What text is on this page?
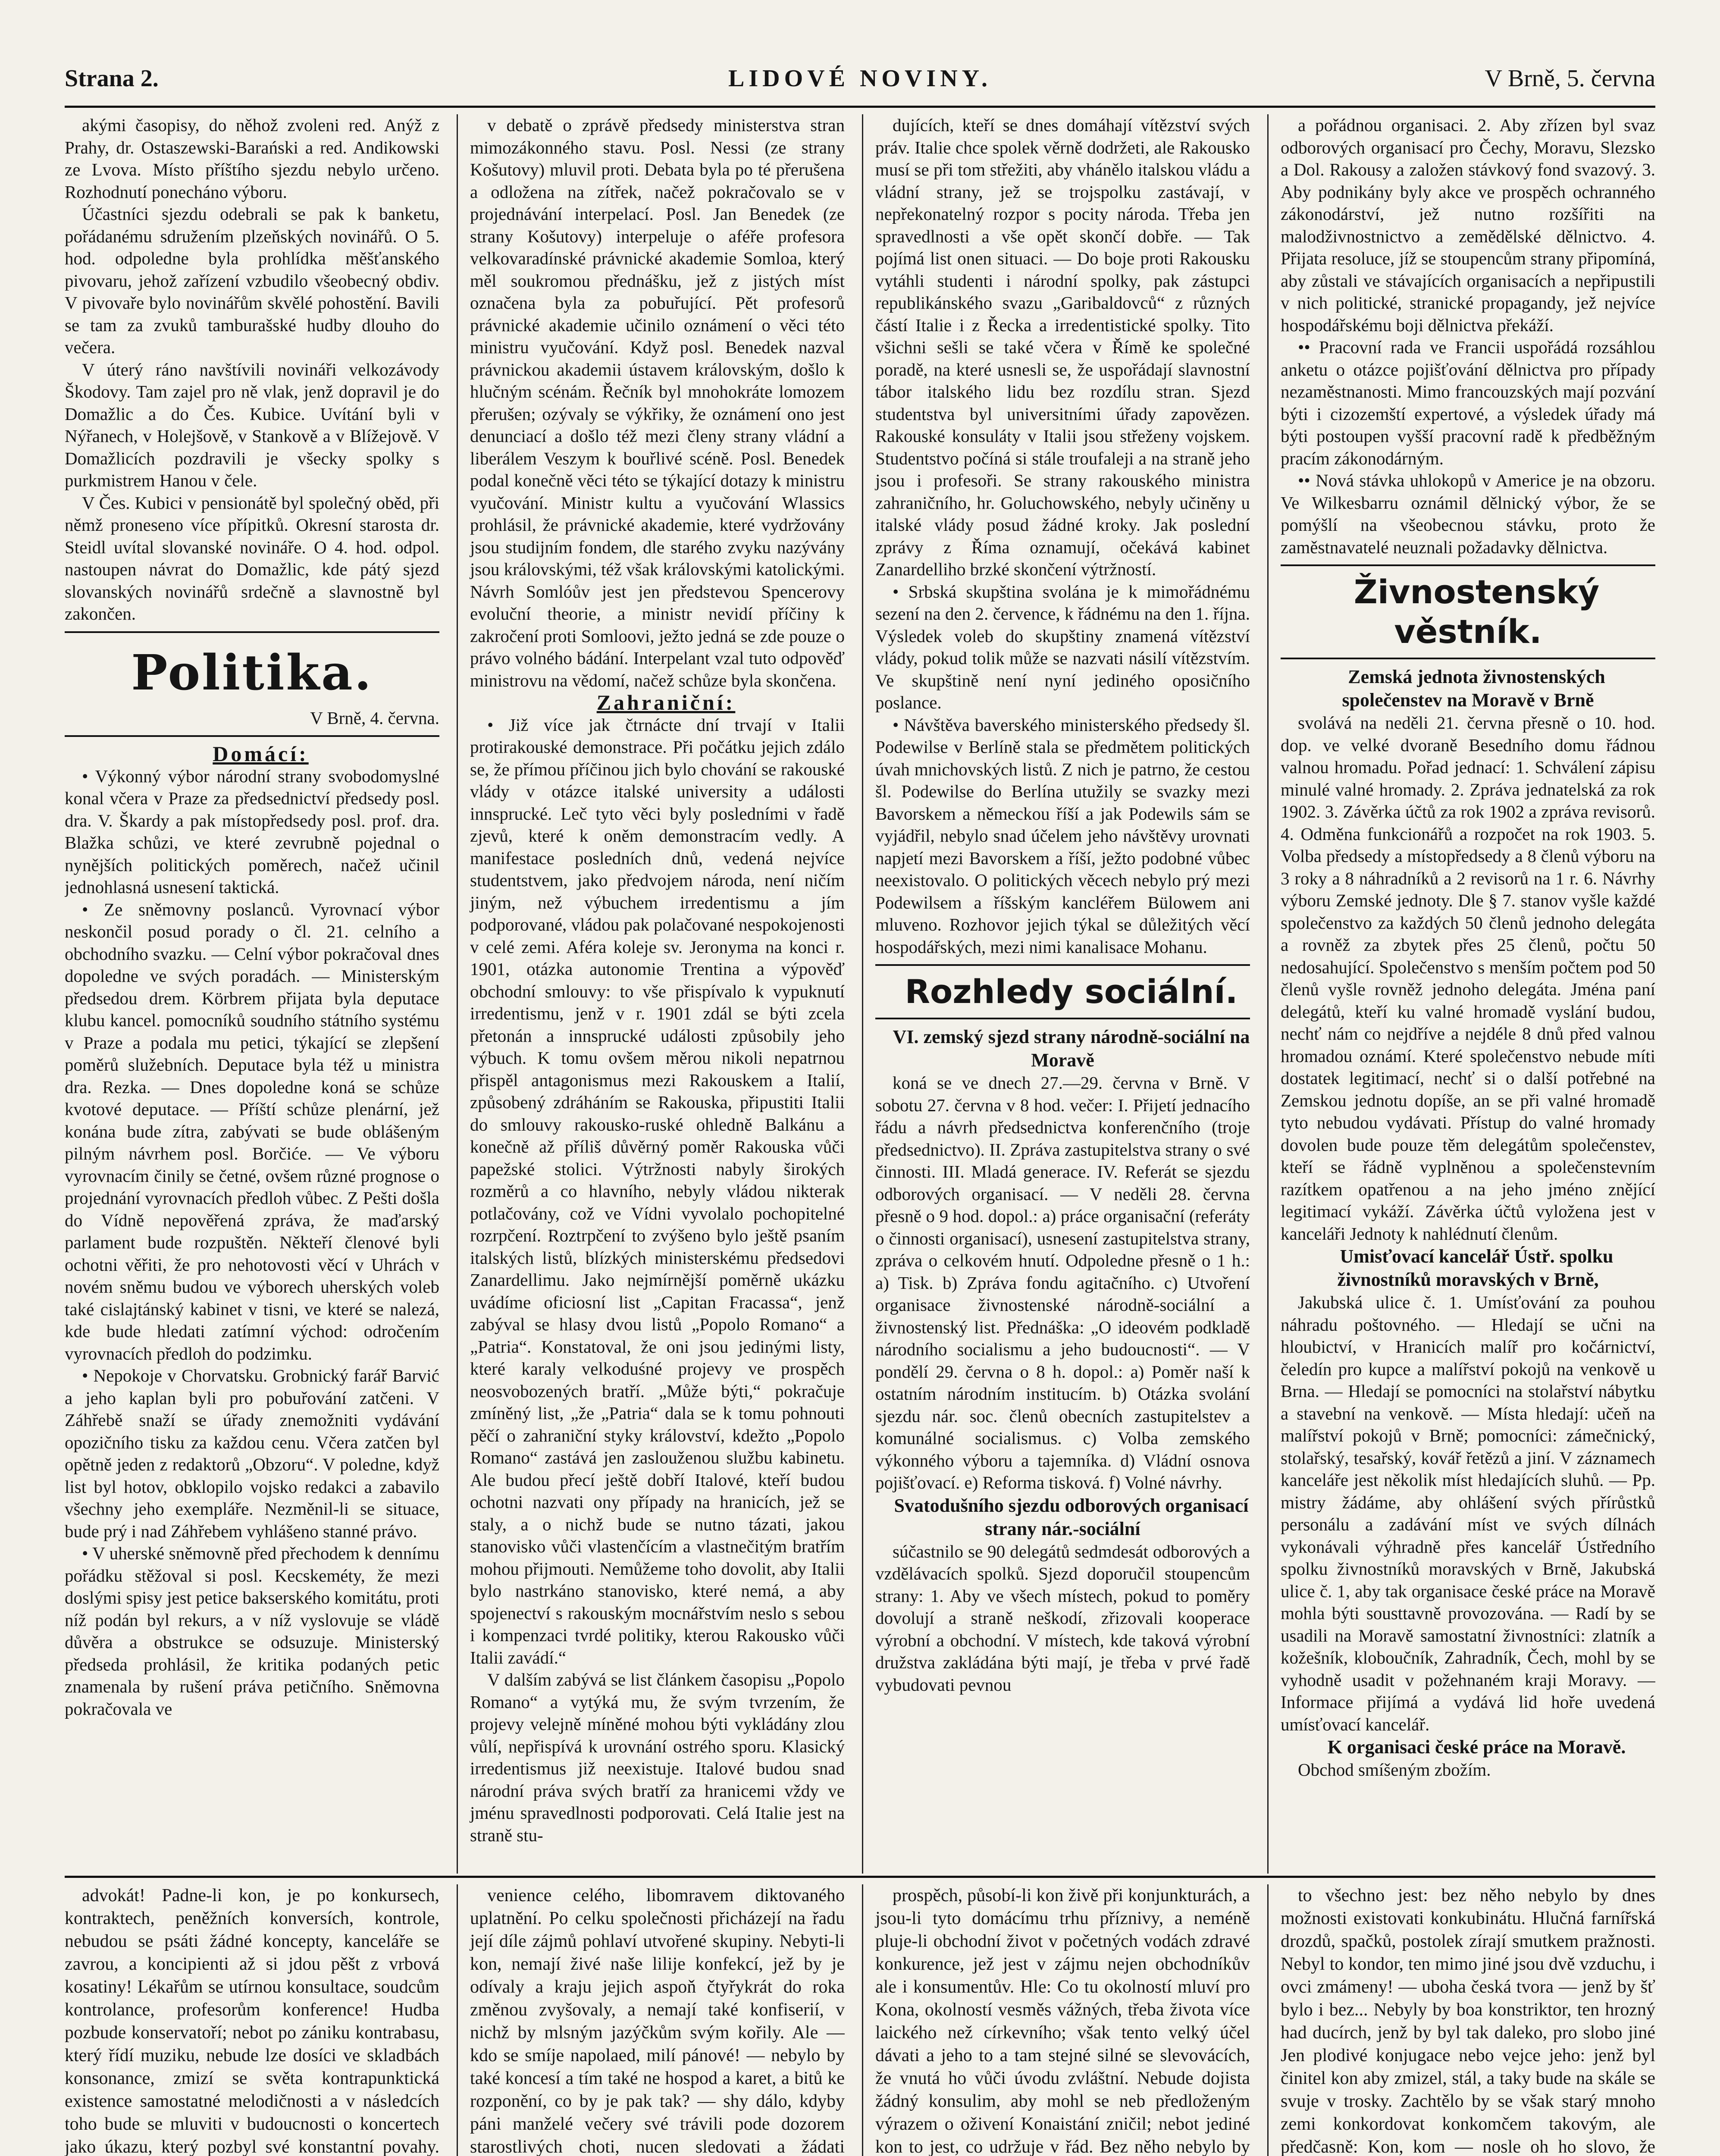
Strana 2.	LIDOVÉ NOVINY.	V Brně, 5. června

akými časopisy, do něhož zvoleni red. Anýž z Prahy, dr. Ostaszewski-Barański a red. Andikowski ze Lvova. Místo příštího sjezdu nebylo určeno. Rozhodnutí ponecháno výboru.

Účastníci sjezdu odebrali se pak k banketu, pořádanému sdružením plzeňských novinářů. O 5. hod. odpoledne byla prohlídka měšťanského pivovaru, jehož zařízení vzbudilo všeobecný obdiv. V pivovaře bylo novinářům skvělé pohostění. Bavili se tam za zvuků tamburašské hudby dlouho do večera.

V úterý ráno navštívili novináři velkozávody Škodovy. Tam zajel pro ně vlak, jenž dopravil je do Domažlic a do Čes. Kubice. Uvítání byli v Nýřanech, v Holejšově, v Stankově a v Blížejově. V Domažlicích pozdravili je všecky spolky s purkmistrem Hanou v čele.

V Čes. Kubici v pensionátě byl společný oběd, při němž proneseno více přípitků. Okresní starosta dr. Steidl uvítal slovanské novináře. O 4. hod. odpol. nastoupen návrat do Domažlic, kde pátý sjezd slovanských novinářů srdečně a slavnostně byl zakončen.

Politika.

V Brně, 4. června.

Domácí:

• Výkonný výbor národní strany svobodomyslné konal včera v Praze za předsednictví předsedy posl. dra. V. Škardy a pak místopředsedy posl. prof. dra. Blažka schůzi, ve které zevrubně pojednal o nynějších politických poměrech, načež učinil jednohlasná usnesení taktická.

• Ze sněmovny poslanců. Vyrovnací výbor neskončil posud porady o čl. 21. celního a obchodního svazku. — Celní výbor pokračoval dnes dopoledne ve svých poradách. — Ministerským předsedou drem. Körbrem přijata byla deputace klubu kancel. pomocníků soudního státního systému v Praze a podala mu petici, týkající se zlepšení poměrů služebních. Deputace byla též u ministra dra. Rezka. — Dnes dopoledne koná se schůze kvotové deputace. — Příští schůze plenární, jež konána bude zítra, zabývati se bude oblášeným pilným návrhem posl. Borčiće. — Ve výboru vyrovnacím činily se četné, ovšem různé prognose o projednání vyrovnacích předloh vůbec. Z Pešti došla do Vídně nepověřená zpráva, že maďarský parlament bude rozpuštěn. Někteří členové byli ochotni věřiti, že pro nehotovosti věcí v Uhrách v novém sněmu budou ve výborech uherských voleb také cislajtánský kabinet v tisni, ve které se nalezá, kde bude hledati zatímní východ: odročením vyrovnacích předloh do podzimku.

• Nepokoje v Chorvatsku. Grobnický farář Barvić a jeho kaplan byli pro pobuřování zatčeni. V Záhřebě snaží se úřady znemožniti vydávání opozičního tisku za každou cenu. Včera zatčen byl opětně jeden z redaktorů „Obzoru“. V poledne, když list byl hotov, obklopilo vojsko redakci a zabavilo všechny jeho exempláře. Nezměnil-li se situace, bude prý i nad Záhřebem vyhlášeno stanné právo.

• V uherské sněmovně před přechodem k dennímu pořádku stěžoval si posl. Kecskeméty, že mezi doslými spisy jest petice bakserského komitátu, proti níž podán byl rekurs, a v níž vyslovuje se vládě důvěra a obstrukce se odsuzuje. Ministerský předseda prohlásil, že kritika podaných petic znamenala by rušení práva petičního. Sněmovna pokračovala ve

v debatě o zprávě předsedy ministerstva stran mimozákonného stavu. Posl. Nessi (ze strany Košutovy) mluvil proti. Debata byla po té přerušena a odložena na zítřek, načež pokračovalo se v projednávání interpelací. Posl. Jan Benedek (ze strany Košutovy) interpeluje o aféře profesora velkovaradínské právnické akademie Somloa, který měl soukromou přednášku, jež z jistých míst označena byla za pobuřující. Pět profesorů právnické akademie učinilo oznámení o věci této ministru vyučování. Když posl. Benedek nazval právnickou akademii ústavem královským, došlo k hlučným scénám. Řečník byl mnohokráte lomozem přerušen; ozývaly se výkřiky, že oznámení ono jest denunciací a došlo též mezi členy strany vládní a liberálem Veszym k bouřlivé scéně. Posl. Benedek podal konečně věci této se týkající dotazy k ministru vyučování. Ministr kultu a vyučování Wlassics prohlásil, že právnické akademie, které vydržovány jsou studijním fondem, dle starého zvyku nazývány jsou královskými, též však královskými katolickými. Návrh Somlóův jest jen předstevou Spencerovy evoluční theorie, a ministr nevidí příčiny k zakročení proti Somloovi, ježto jedná se zde pouze o právo volného bádání. Interpelant vzal tuto odpověď ministrovu na vědomí, načež schůze byla skončena.

Zahraniční:

• Již více jak čtrnácte dní trvají v Italii protirakouské demonstrace. Při počátku jejich zdálo se, že přímou příčinou jich bylo chování se rakouské vlády v otázce italské university a události innsprucké. Leč tyto věci byly posledními v řadě zjevů, které k oněm demonstracím vedly. A manifestace posledních dnů, vedená nejvíce studentstvem, jako předvojem národa, není ničím jiným, než výbuchem irredentismu a jím podporované, vládou pak polačované nespokojenosti v celé zemi. Aféra koleje sv. Jeronyma na konci r. 1901, otázka autonomie Trentina a výpověď obchodní smlouvy: to vše přispívalo k vypuknutí irredentismu, jenž v r. 1901 zdál se býti zcela přetonán a innsprucké události způsobily jeho výbuch. K tomu ovšem měrou nikoli nepatrnou přispěl antagonismus mezi Rakouskem a Italií, způsobený zdráháním se Rakouska, připustiti Italii do smlouvy rakousko-ruské ohledně Balkánu a konečně až příliš důvěrný poměr Rakouska vůči papežské stolici. Výtržnosti nabyly širokých rozměrů a co hlavního, nebyly vládou nikterak potlačovány, což ve Vídni vyvolalo pochopitelné rozrpčení. Roztrpčení to zvýšeno bylo ještě psaním italských listů, blízkých ministerskému předsedovi Zanardellimu. Jako nejmírnější poměrně ukázku uvádíme oficiosní list „Capitan Fracassa“, jenž zabýval se hlasy dvou listů „Popolo Romano“ a „Patria“. Konstatoval, že oni jsou jedinými listy, které karaly velkoduśné projevy ve prospěch neosvobozených bratří. „Může býti,“ pokračuje zmíněný list, „že „Patria“ dala se k tomu pohnouti pěčí o zahraniční styky království, kdežto „Popolo Romano“ zastává jen zaslouženou službu kabinetu. Ale budou přecí ještě dobří Italové, kteří budou ochotni nazvati ony případy na hranicích, jež se staly, a o nichž bude se nutno tázati, jakou stanovisko vůči vlastenčícím a vlastnečitým bratřím mohou přijmouti. Nemůžeme toho dovolit, aby Italii bylo nastrkáno stanovisko, které nemá, a aby spojenectví s rakouským mocnářstvím neslo s sebou i kompenzaci tvrdé politiky, kterou Rakousko vůči Italii zavádí.“

V dalším zabývá se list článkem časopisu „Popolo Romano“ a vytýká mu, že svým tvrzením, že projevy velejně míněné mohou býti vykládány zlou vůlí, nepřispívá k urovnání ostrého sporu. Klasický irredentismus již neexistuje. Italové budou snad národní práva svých bratří za hranicemi vždy ve jménu spravedlnosti podporovati. Celá Italie jest na straně stu-

dujících, kteří se dnes domáhají vítězství svých práv. Italie chce spolek věrně dodržeti, ale Rakousko musí se při tom střežiti, aby vhánělo italskou vládu a vládní strany, jež se trojspolku zastávají, v nepřekonatelný rozpor s pocity národa. Třeba jen spravedlnosti a vše opět skončí dobře. — Tak pojímá list onen situaci. — Do boje proti Rakousku vytáhli studenti i národní spolky, pak zástupci republikánského svazu „Garibaldovců“ z různých částí Italie i z Řecka a irredentistické spolky. Tito všichni sešli se také včera v Římě ke společné poradě, na které usnesli se, že uspořádají slavnostní tábor italského lidu bez rozdílu stran. Sjezd studentstva byl universitními úřady zapovězen. Rakouské konsuláty v Italii jsou střeženy vojskem. Studentstvo počíná si stále troufaleji a na straně jeho jsou i profesoři. Se strany rakouského ministra zahraničního, hr. Goluchowského, nebyly učiněny u italské vlády posud žádné kroky. Jak poslední zprávy z Říma oznamují, očekává kabinet Zanardelliho brzké skončení výtržností.

• Srbská skupština svolána je k mimořádnému sezení na den 2. července, k řádnému na den 1. října. Výsledek voleb do skupštiny znamená vítězství vlády, pokud tolik může se nazvati násilí vítězstvím. Ve skupštině není nyní jediného oposičního poslance.

• Návštěva baverského ministerského předsedy šl. Podewilse v Berlíně stala se předmětem politických úvah mnichovských listů. Z nich je patrno, že cestou šl. Podewilse do Berlína utužily se svazky mezi Bavorskem a německou říší a jak Podewils sám se vyjádřil, nebylo snad účelem jeho návštěvy urovnati napjetí mezi Bavorskem a říší, ježto podobné vůbec neexistovalo. O politických věcech nebylo prý mezi Podewilsem a říšským kancléřem Bülowem ani mluveno. Rozhovor jejich týkal se důležitých věcí hospodářských, mezi nimi kanalisace Mohanu.

Rozhledy sociální.

VI. zemský sjezd strany národně-sociální na Moravě

koná se ve dnech 27.—29. června v Brně. V sobotu 27. června v 8 hod. večer: I. Přijetí jednacího řádu a návrh předsednictva konferenčního (troje předsednictvo). II. Zpráva zastupitelstva strany o své činnosti. III. Mladá generace. IV. Referát se sjezdu odborových organisací. — V neděli 28. června přesně o 9 hod. dopol.: a) práce organisační (referáty o činnosti organisací), usnesení zastupitelstva strany, zpráva o celkovém hnutí. Odpoledne přesně o 1 h.: a) Tisk. b) Zpráva fondu agitačního. c) Utvoření organisace živnostenské národně-sociální a živnostenský list. Přednáška: „O ideovém podkladě národního socialismu a jeho budoucnosti“. — V pondělí 29. června o 8 h. dopol.: a) Poměr naší k ostatním národním institucím. b) Otázka svolání sjezdu nár. soc. členů obecních zastupitelstev a komunálné socialismus. c) Volba zemského výkonného výboru a tajemníka. d) Vládní osnova pojišťovací. e) Reforma tisková. f) Volné návrhy.

Svatodušního sjezdu odborových organisací strany nár.-sociální

súčastnilo se 90 delegátů sedmdesát odborových a vzdělávacích spolků. Sjezd doporučil stoupencům strany: 1. Aby ve všech místech, pokud to poměry dovolují a straně neškodí, zřizovali kooperace výrobní a obchodní. V místech, kde taková výrobní družstva zakládána býti mají, je třeba v prvé řadě vybudovati pevnou

a pořádnou organisaci. 2. Aby zřízen byl svaz odborových organisací pro Čechy, Moravu, Slezsko a Dol. Rakousy a založen stávkový fond svazový. 3. Aby podnikány byly akce ve prospěch ochranného zákonodárství, jež nutno rozšířiti na malodživnostnictvo a zemědělské dělnictvo. 4. Přijata resoluce, jíž se stoupencům strany připomíná, aby zůstali ve stávajících organisacích a nepřipustili v nich politické, stranické propagandy, jež nejvíce hospodářskému boji dělnictva překáží.

•• Pracovní rada ve Francii uspořádá rozsáhlou anketu o otázce pojišťování dělnictva pro případy nezaměstnanosti. Mimo francouzských mají pozvání býti i cizozemští expertové, a výsledek úřady má býti postoupen vyšší pracovní radě k předběžným pracím zákonodárným.

•• Nová stávka uhlokopů v Americe je na obzoru. Ve Wilkesbarru oznámil dělnický výbor, že se pomýšlí na všeobecnou stávku, proto že zaměstnavatelé neuznali požadavky dělnictva.

Živnostenský věstník.

Zemská jednota živnostenských společenstev na Moravě v Brně

svolává na neděli 21. června přesně o 10. hod. dop. ve velké dvoraně Besedního domu řádnou valnou hromadu. Pořad jednací: 1. Schválení zápisu minulé valné hromady. 2. Zpráva jednatelská za rok 1902. 3. Závěrka účtů za rok 1902 a zpráva revisorů. 4. Odměna funkcionářů a rozpočet na rok 1903. 5. Volba předsedy a místopředsedy a 8 členů výboru na 3 roky a 8 náhradníků a 2 revisorů na 1 r. 6. Návrhy výboru Zemské jednoty. Dle § 7. stanov vyšle každé společenstvo za každých 50 členů jednoho delegáta a rovněž za zbytek přes 25 členů, počtu 50 nedosahující. Společenstvo s menším počtem pod 50 členů vyšle rovněž jednoho delegáta. Jména paní delegátů, kteří ku valné hromadě vyslání budou, nechť nám co nejdříve a nejdéle 8 dnů před valnou hromadou oznámí. Které společenstvo nebude míti dostatek legitimací, nechť si o další potřebné na Zemskou jednotu dopíše, an se při valné hromadě tyto nebudou vydávati. Přístup do valné hromady dovolen bude pouze těm delegátům společenstev, kteří se řádně vyplněnou a společenstevním razítkem opatřenou a na jeho jméno znějící legitimací vykáží. Závěrka účtů vyložena jest v kanceláři Jednoty k nahlédnutí členům.

Umisťovací kancelář Ústř. spolku živnostníků moravských v Brně,

Jakubská ulice č. 1. Umísťování za pouhou náhradu poštovného. — Hledají se učni na hloubictví, v Hranicích malíř pro kočárnictví, čeledín pro kupce a malířství pokojů na venkově u Brna. — Hledají se pomocníci na stolařství nábytku a stavební na venkově. — Místa hledají: učeň na malířství pokojů v Brně; pomocníci: zámečnický, stolařský, tesařský, kovář řetězů a jiní. V záznamech kanceláře jest několik míst hledajících sluhů. — Pp. mistry žádáme, aby ohlášení svých přírůstků personálu a zadávání míst ve svých dílnách vykonávali výhradně přes kancelář Ústředního spolku živnostníků moravských v Brně, Jakubská ulice č. 1, aby tak organisace české práce na Moravě mohla býti sousttavně provozována. — Radí by se usadili na Moravě samostatní živnostníci: zlatník a kožešník, kloboučník, Zahradník, Čech, mohl by se vyhodně usadit v požehnaném kraji Moravy. — Informace přijímá a vydává lid hoře uvedená umísťovací kancelář.

K organisaci české práce na Moravě.

Obchod smíšeným zbožím.

advokát! Padne-li kon, je po konkursech, kontraktech, peněžních konversích, kontrole, nebudou se psáti žádné koncepty, kanceláře se zavrou, a koncipienti až si jdou pěšt z vrbová kosatiny! Lékařům se utírnou konsultace, soudcům kontrolance, profesorům konference! Hudba pozbude konservatoří; nebot po zániku kontrabasu, který řídí muziku, nebude lze dosíci ve skladbách konsonance, zmizí se světa kontrapunktická existence samostatné melodičnosti a v následcích toho bude se mluviti v budoucnosti o koncertech jako úkazu, který pozbyl své konstantní povahy.

venience celého, libomravem diktovaného uplatnění. Po celku společnosti přicházejí na řadu její díle zájmů pohlaví utvořené skupiny. Nebyti-li kon, nemají živé naše lilije konfekcí, jež by je odívaly a kraju jejich aspoň čtyřykrát do roka změnou zvyšovaly, a nemají také konfiserií, v nichž by mlsným jazýčkům svým kořily. Ale — kdo se smíje napolaed, milí pánové! — nebylo by také koncesí a tím také ne hospod a karet, a bitů ke rozponění, co by je pak tak? — shy dálo, kdyby páni manželé večery své trávili pode dozorem starostlivých choti, nucen sledovati a žádati

prospěch, působí-li kon živě při konjunkturách, a jsou-li tyto domácímu trhu příznivy, a neméně pluje-li obchodní život v početných vodách zdravé konkurence, jež jest v zájmu nejen obchodníkův ale i konsumentův. Hle: Co tu okolností mluví pro Kona, okolností vesměs vážných, třeba života více laického než církevního; však tento velký účel dávati a jeho to a tam stejné silné se slevovácích, že vnutá ho vůči úvodu zvláštní. Nebude dojista žádný konsulim, aby mohl se neb předloženým výrazem o oživení Konaistání zničil; nebot jediné kon to jest, co udržuje v řád. Bez něho nebylo by

to všechno jest: bez něho nebylo by dnes možnosti existovati konkubinátu. Hlučná farnířská drozdů, spačků, postolek zírají smutkem pražnosti. Nebyl to kondor, ten mimo jiné jsou dvě vzduchu, i ovci zmámeny! — uboha česká tvora — jenž by šť bylo i bez... Nebyly by boa konstriktor, ten hrozný had ducírch, jenž by byl tak daleko, pro slobo jiné Jen plodivé konjugace nebo vejce jeho: jenž byl činitel kon aby zmizel, stál, a taky bude na skále se svuje v trosky. Zachtělo by se však starý mnoho zemi konkordovat konkomčem takovým, ale předčasně: Kon, kom — nosle oh ho slovo, že
